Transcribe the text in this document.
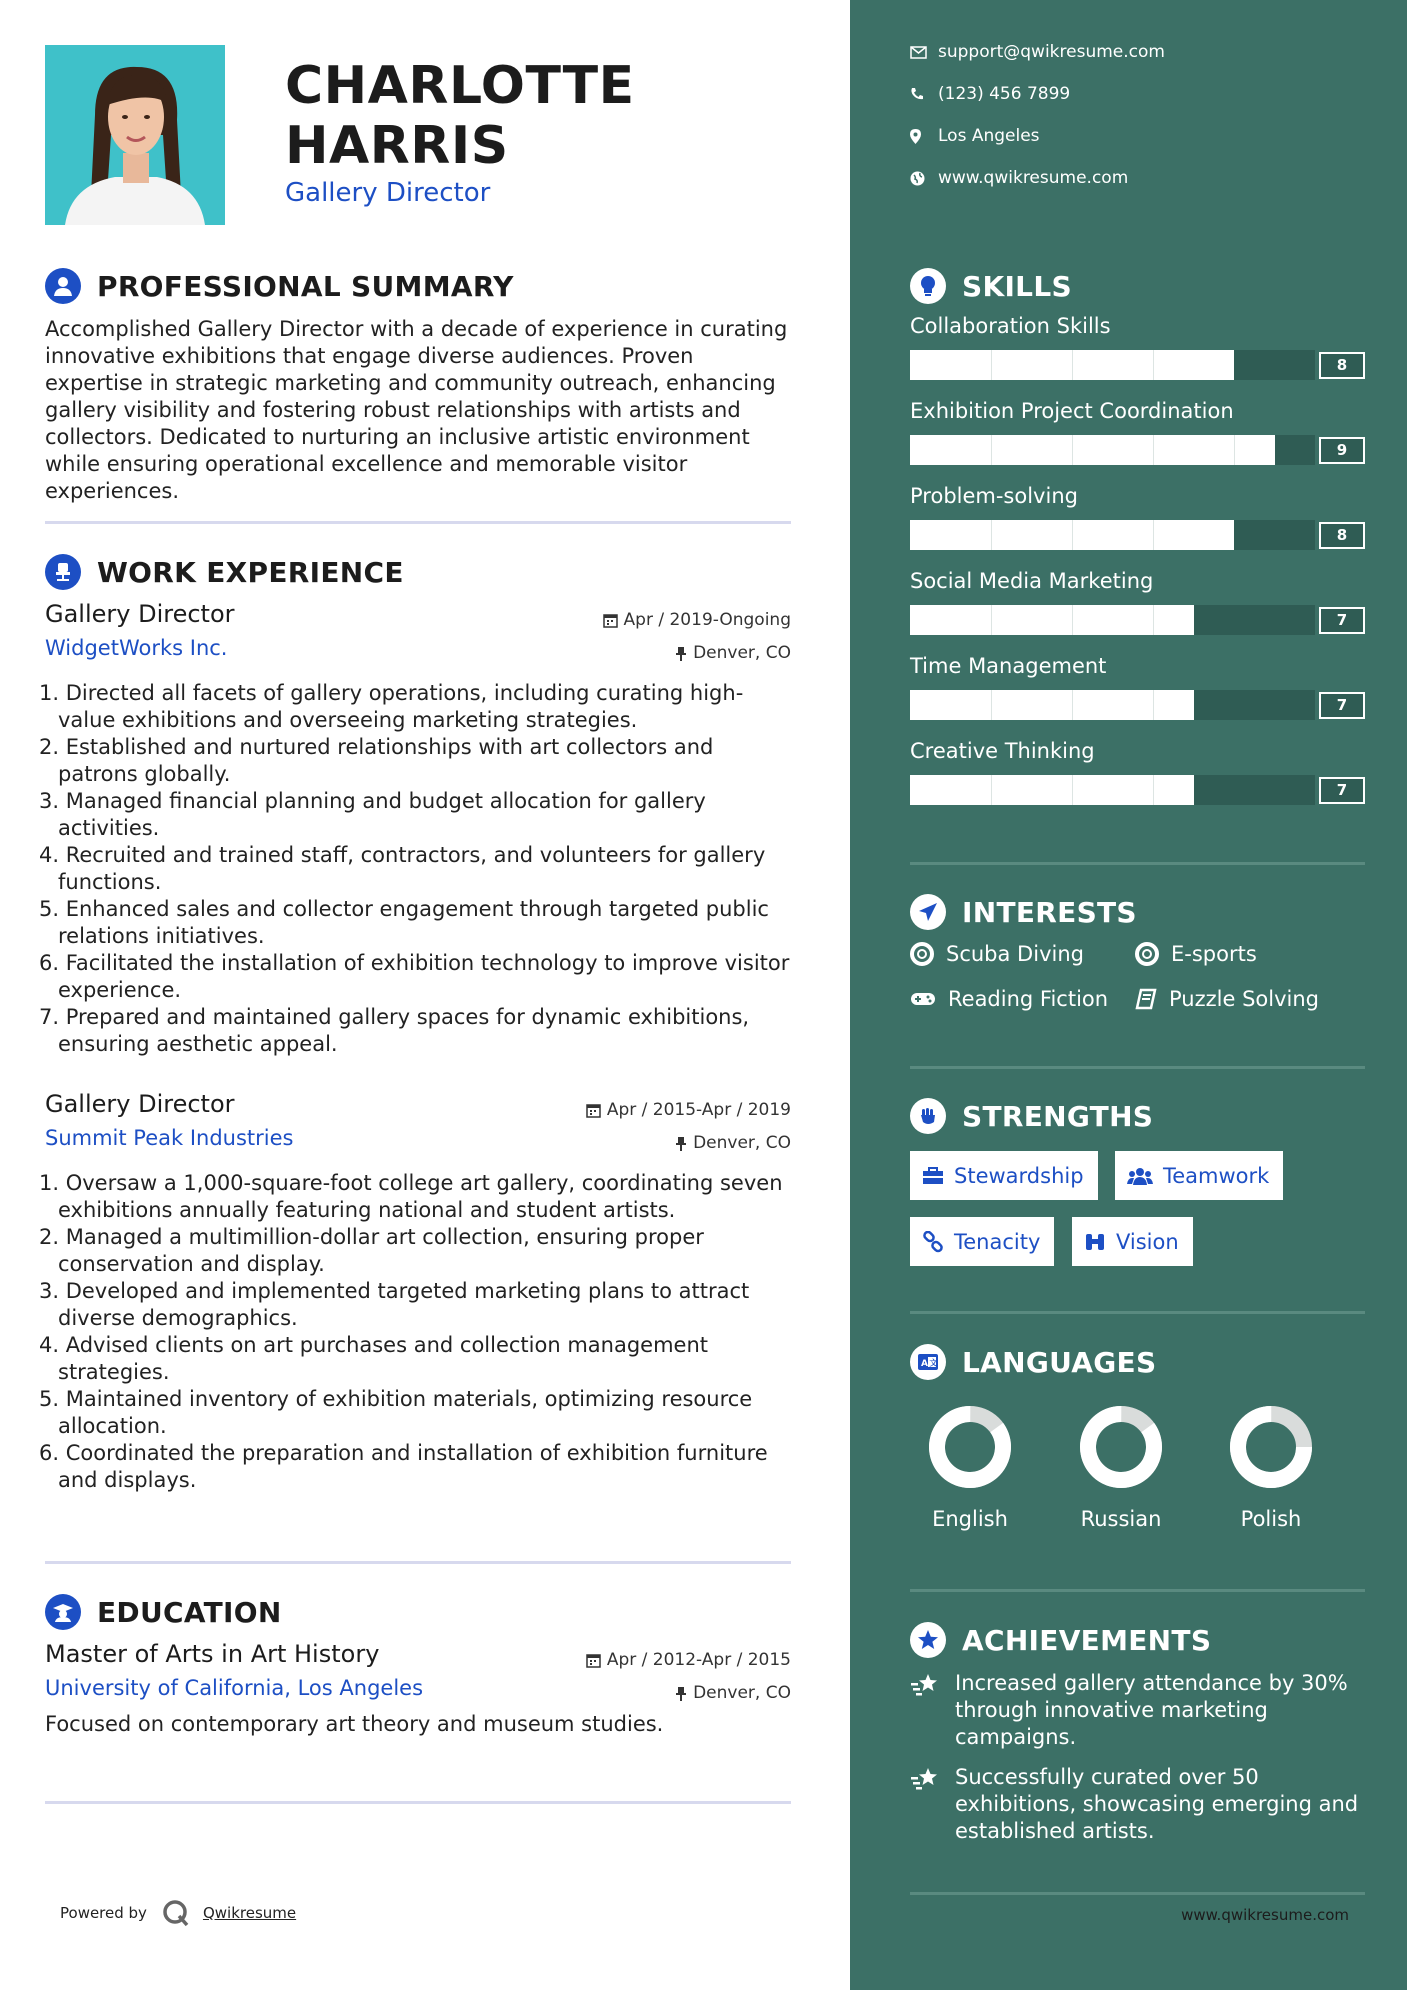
CHARLOTTE
HARRIS
Gallery Director
PROFESSIONAL SUMMARY
Accomplished Gallery Director with a decade of experience in curating innovative exhibitions that engage diverse audiences. Proven expertise in strategic marketing and community outreach, enhancing gallery visibility and fostering robust relationships with artists and collectors. Dedicated to nurturing an inclusive artistic environment while ensuring operational excellence and memorable visitor experiences.
WORK EXPERIENCE
Apr / 2019-Ongoing
Denver, CO
Gallery Director
WidgetWorks Inc.
1. Directed all facets of gallery operations, including curating high-value exhibitions and overseeing marketing strategies.
2. Established and nurtured relationships with art collectors and patrons globally.
3. Managed financial planning and budget allocation for gallery activities.
4. Recruited and trained staff, contractors, and volunteers for gallery functions.
5. Enhanced sales and collector engagement through targeted public relations initiatives.
6. Facilitated the installation of exhibition technology to improve visitor experience.
7. Prepared and maintained gallery spaces for dynamic exhibitions, ensuring aesthetic appeal.
Apr / 2015-Apr / 2019
Denver, CO
Gallery Director
Summit Peak Industries
1. Oversaw a 1,000-square-foot college art gallery, coordinating seven exhibitions annually featuring national and student artists.
2. Managed a multimillion-dollar art collection, ensuring proper conservation and display.
3. Developed and implemented targeted marketing plans to attract diverse demographics.
4. Advised clients on art purchases and collection management strategies.
5. Maintained inventory of exhibition materials, optimizing resource allocation.
6. Coordinated the preparation and installation of exhibition furniture and displays.
EDUCATION
Apr / 2012-Apr / 2015
Denver, CO
Master of Arts in Art History
University of California, Los Angeles
Focused on contemporary art theory and museum studies.
support@qwikresume.com
(123) 456 7899
Los Angeles
www.qwikresume.com
SKILLS
Collaboration Skills
8
Exhibition Project Coordination
9
Problem-solving
8
Social Media Marketing
7
Time Management
7
Creative Thinking
7
INTERESTS
Scuba Diving	E-sports
Reading Fiction	Puzzle Solving
STRENGTHS
Stewardship	Teamwork
Tenacity	Vision
A 文 LANGUAGES
English	Russian	Polish
ACHIEVEMENTS
Increased gallery attendance by 30% through innovative marketing campaigns.
Successfully curated over 50 exhibitions, showcasing emerging and established artists.
www.qwikresume.com
Powered by	Qwikresume
